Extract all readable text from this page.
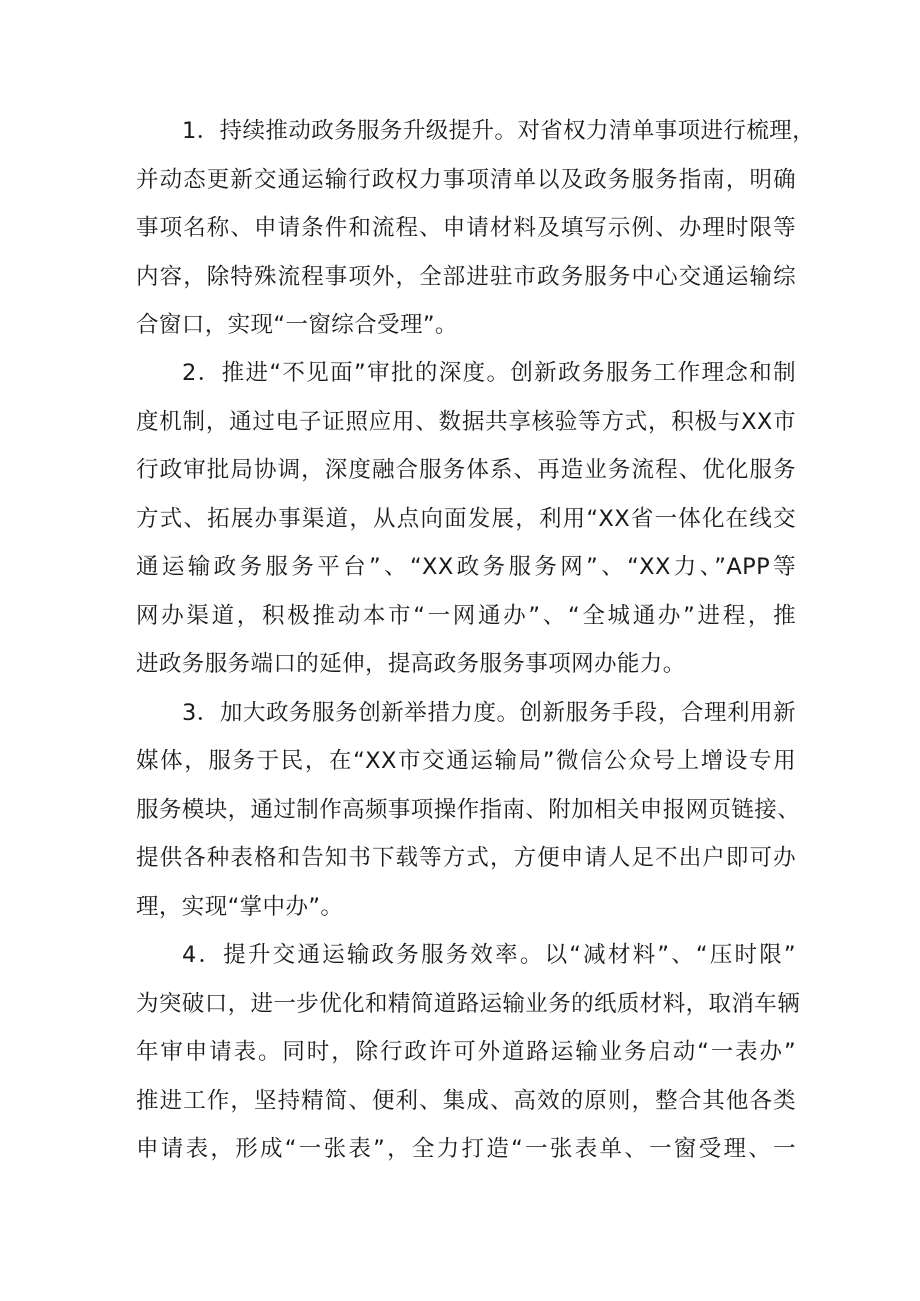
1．持续推动政务服务升级提升。对省权力清单事项进行梳理，
并动态更新交通运输行政权力事项清单以及政务服务指南，明确
事项名称、申请条件和流程、申请材料及填写示例、办理时限等
内容，除特殊流程事项外，全部进驻市政务服务中心交通运输综
合窗口，实现“一窗综合受理”。
2．推进“不见面”审批的深度。创新政务服务工作理念和制
度机制，通过电子证照应用、数据共享核验等方式，积极与XX市
行政审批局协调，深度融合服务体系、再造业务流程、优化服务
方式、拓展办事渠道，从点向面发展，利用“XX省一体化在线交
通运输政务服务平台”、“XX政务服务网”、“XX力、”APP等
网办渠道，积极推动本市“一网通办”、“全城通办”进程，推
进政务服务端口的延伸，提高政务服务事项网办能力。
3．加大政务服务创新举措力度。创新服务手段，合理利用新
媒体，服务于民，在“XX市交通运输局”微信公众号上增设专用
服务模块，通过制作高频事项操作指南、附加相关申报网页链接、
提供各种表格和告知书下载等方式，方便申请人足不出户即可办
理，实现“掌中办”。
4．提升交通运输政务服务效率。以“减材料”、“压时限”
为突破口，进一步优化和精简道路运输业务的纸质材料，取消车辆
年审申请表。同时，除行政许可外道路运输业务启动“一表办”
推进工作，坚持精简、便利、集成、高效的原则，整合其他各类
申请表，形成“一张表”，全力打造“一张表单、一窗受理、一
